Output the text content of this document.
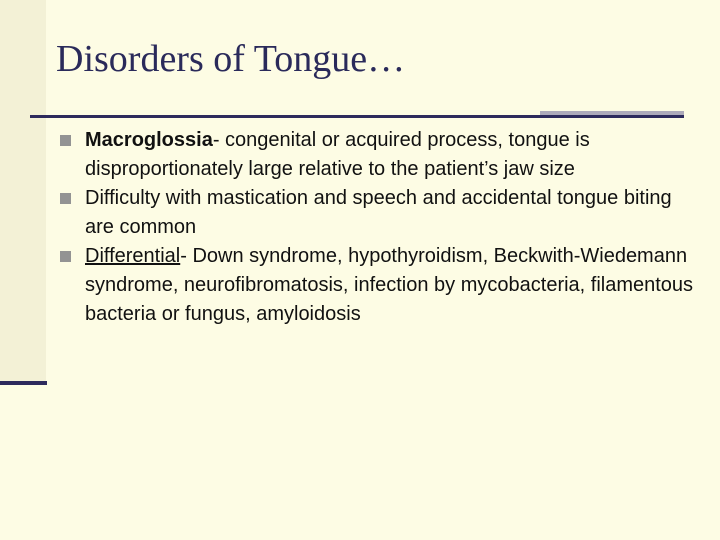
Disorders of Tongue…
Macroglossia- congenital or acquired process, tongue is disproportionately large relative to the patient’s jaw size
Difficulty with mastication and speech and accidental tongue biting are common
Differential- Down syndrome, hypothyroidism, Beckwith-Wiedemann syndrome, neurofibromatosis, infection by mycobacteria, filamentous bacteria or fungus, amyloidosis
